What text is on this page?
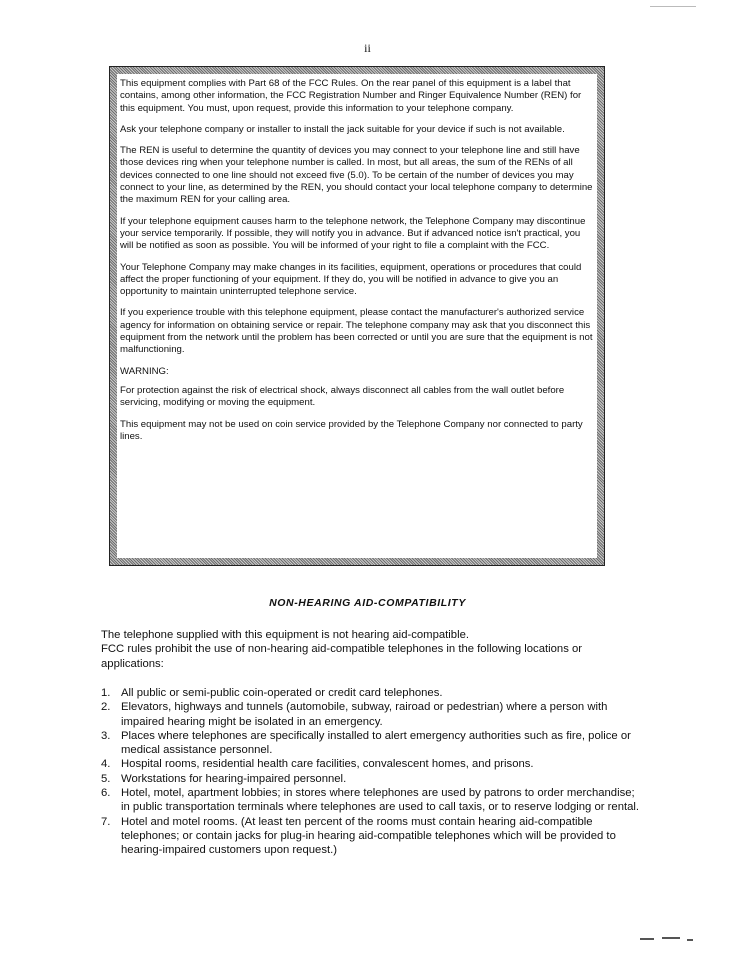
ii

This equipment complies with Part 68 of the FCC Rules. On the rear panel of this equipment is a label that contains, among other information, the FCC Registration Number and Ringer Equivalence Number (REN) for this equipment. You must, upon request, provide this information to your telephone company.

Ask your telephone company or installer to install the jack suitable for your device if such is not available.

The REN is useful to determine the quantity of devices you may connect to your telephone line and still have those devices ring when your telephone number is called. In most, but all areas, the sum of the RENs of all devices connected to one line should not exceed five (5.0). To be certain of the number of devices you may connect to your line, as determined by the REN, you should contact your local telephone company to determine the maximum REN for your calling area.

If your telephone equipment causes harm to the telephone network, the Telephone Company may discontinue your service temporarily. If possible, they will notify you in advance. But if advanced notice isn't practical, you will be notified as soon as possible. You will be informed of your right to file a complaint with the FCC.

Your Telephone Company may make changes in its facilities, equipment, operations or procedures that could affect the proper functioning of your equipment. If they do, you will be notified in advance to give you an opportunity to maintain uninterrupted telephone service.

If you experience trouble with this telephone equipment, please contact the manufacturer's authorized service agency for information on obtaining service or repair. The telephone company may ask that you disconnect this equipment from the network until the problem has been corrected or until you are sure that the equipment is not malfunctioning.

WARNING:

For protection against the risk of electrical shock, always disconnect all cables from the wall outlet before servicing, modifying or moving the equipment.

This equipment may not be used on coin service provided by the Telephone Company nor connected to party lines.

NON-HEARING AID-COMPATIBILITY

The telephone supplied with this equipment is not hearing aid-compatible.

FCC rules prohibit the use of non-hearing aid-compatible telephones in the following locations or applications:

1. All public or semi-public coin-operated or credit card telephones.
2. Elevators, highways and tunnels (automobile, subway, rairoad or pedestrian) where a person with impaired hearing might be isolated in an emergency.
3. Places where telephones are specifically installed to alert emergency authorities such as fire, police or medical assistance personnel.
4. Hospital rooms, residential health care facilities, convalescent homes, and prisons.
5. Workstations for hearing-impaired personnel.
6. Hotel, motel, apartment lobbies; in stores where telephones are used by patrons to order merchandise; in public transportation terminals where telephones are used to call taxis, or to reserve lodging or rental.
7. Hotel and motel rooms. (At least ten percent of the rooms must contain hearing aid-compatible telephones; or contain jacks for plug-in hearing aid-compatible telephones which will be provided to hearing-impaired customers upon request.)
